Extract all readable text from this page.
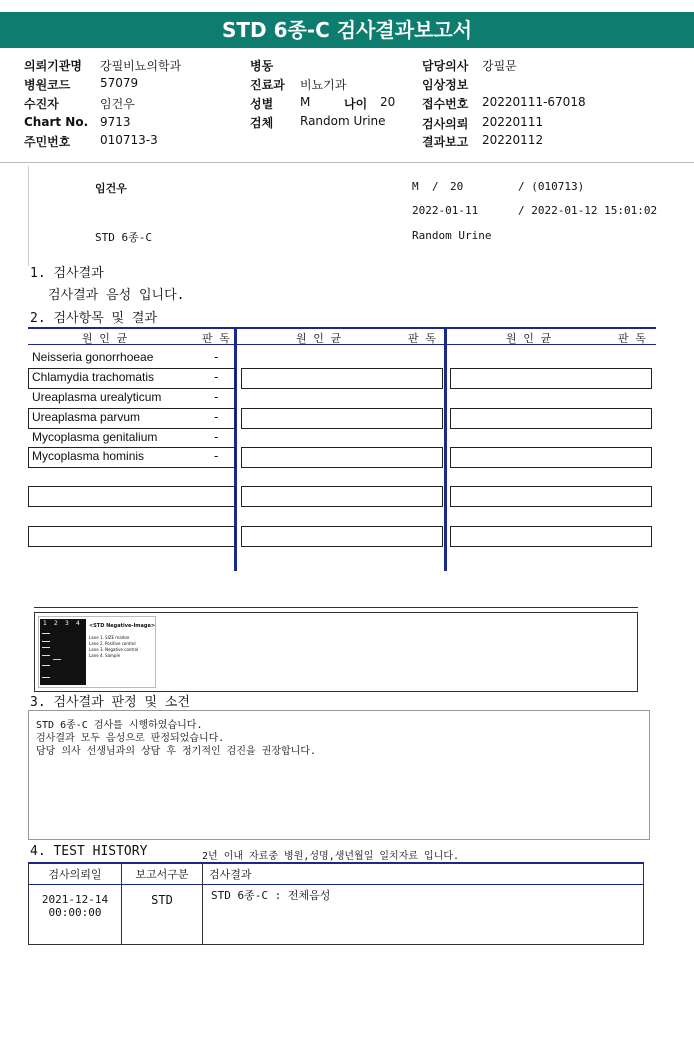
STD 6종-C 검사결과보고서
의뢰기관명 강필비뇨의학과
병원코드 57079
수진자	임건우
Chart No. 9713
주민번호 010713-3
병동
진료과 비뇨기과
성별 M	나이 20
검체 Random Urine
담당의사 강필문
임상정보
접수번호 20220111-67018
검사의뢰 20220111
결과보고 20220112
임건우	M / 20	/ (010713)
2022-01-11	/ 2022-01-12 15:01:02
STD 6종-C	Random Urine
1. 검사결과
검사결과 음성 입니다.
2. 검사항목 및 결과
원 인 균	판 독	원 인 균	판 독	원 인 균	판 독
Neisseria gonorrhoeae	-
Chlamydia trachomatis	-
Ureaplasma urealyticum	-
Ureaplasma parvum	-
Mycoplasma genitalium	-
Mycoplasma hominis	-
1 2 3 4 <STD Negative-Image>
Lane 1. SIZE marker
Lane 2. Positive control
Lane 3. Negative control
Lane 4. Sample
3. 검사결과 판정 및 소견
STD 6종-C 검사를 시행하였습니다.
검사결과 모두 음성으로 판정되었습니다.
담당 의사 선생님과의 상담 후 정기적인 검진을 권장합니다.
4. TEST HISTORY	2년 이내 자료중 병원,성명,생년월일 일치자료 입니다.
검사의뢰일	보고서구분	검사결과

2021-12-14
00:00:00	STD	STD 6종-C : 전체음성
